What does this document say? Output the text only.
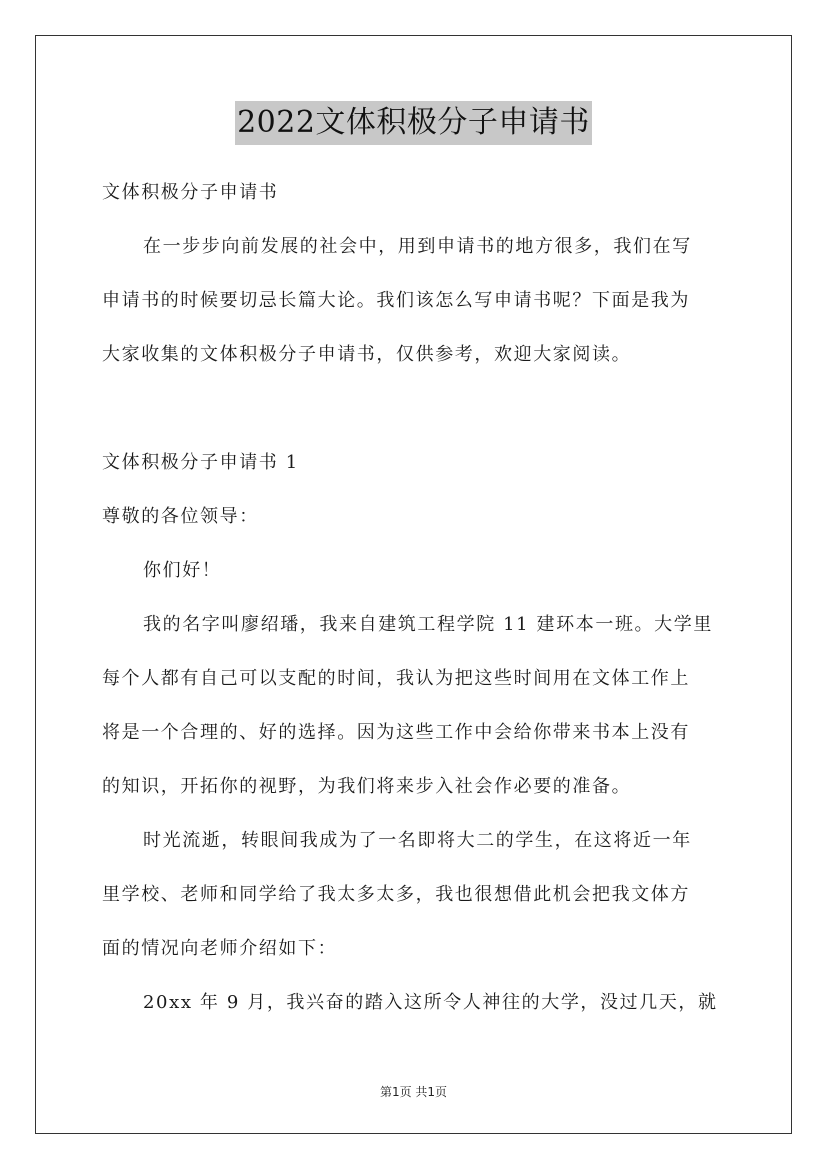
2022文体积极分子申请书
文体积极分子申请书
在一步步向前发展的社会中，用到申请书的地方很多，我们在写
申请书的时候要切忌长篇大论。我们该怎么写申请书呢？下面是我为
大家收集的文体积极分子申请书，仅供参考，欢迎大家阅读。
文体积极分子申请书 1
尊敬的各位领导：
你们好！
我的名字叫廖绍璠，我来自建筑工程学院 11 建环本一班。大学里
每个人都有自己可以支配的时间，我认为把这些时间用在文体工作上
将是一个合理的、好的选择。因为这些工作中会给你带来书本上没有
的知识，开拓你的视野，为我们将来步入社会作必要的准备。
时光流逝，转眼间我成为了一名即将大二的学生，在这将近一年
里学校、老师和同学给了我太多太多，我也很想借此机会把我文体方
面的情况向老师介绍如下：
20xx 年 9 月，我兴奋的踏入这所令人神往的大学，没过几天，就
第1页 共1页
